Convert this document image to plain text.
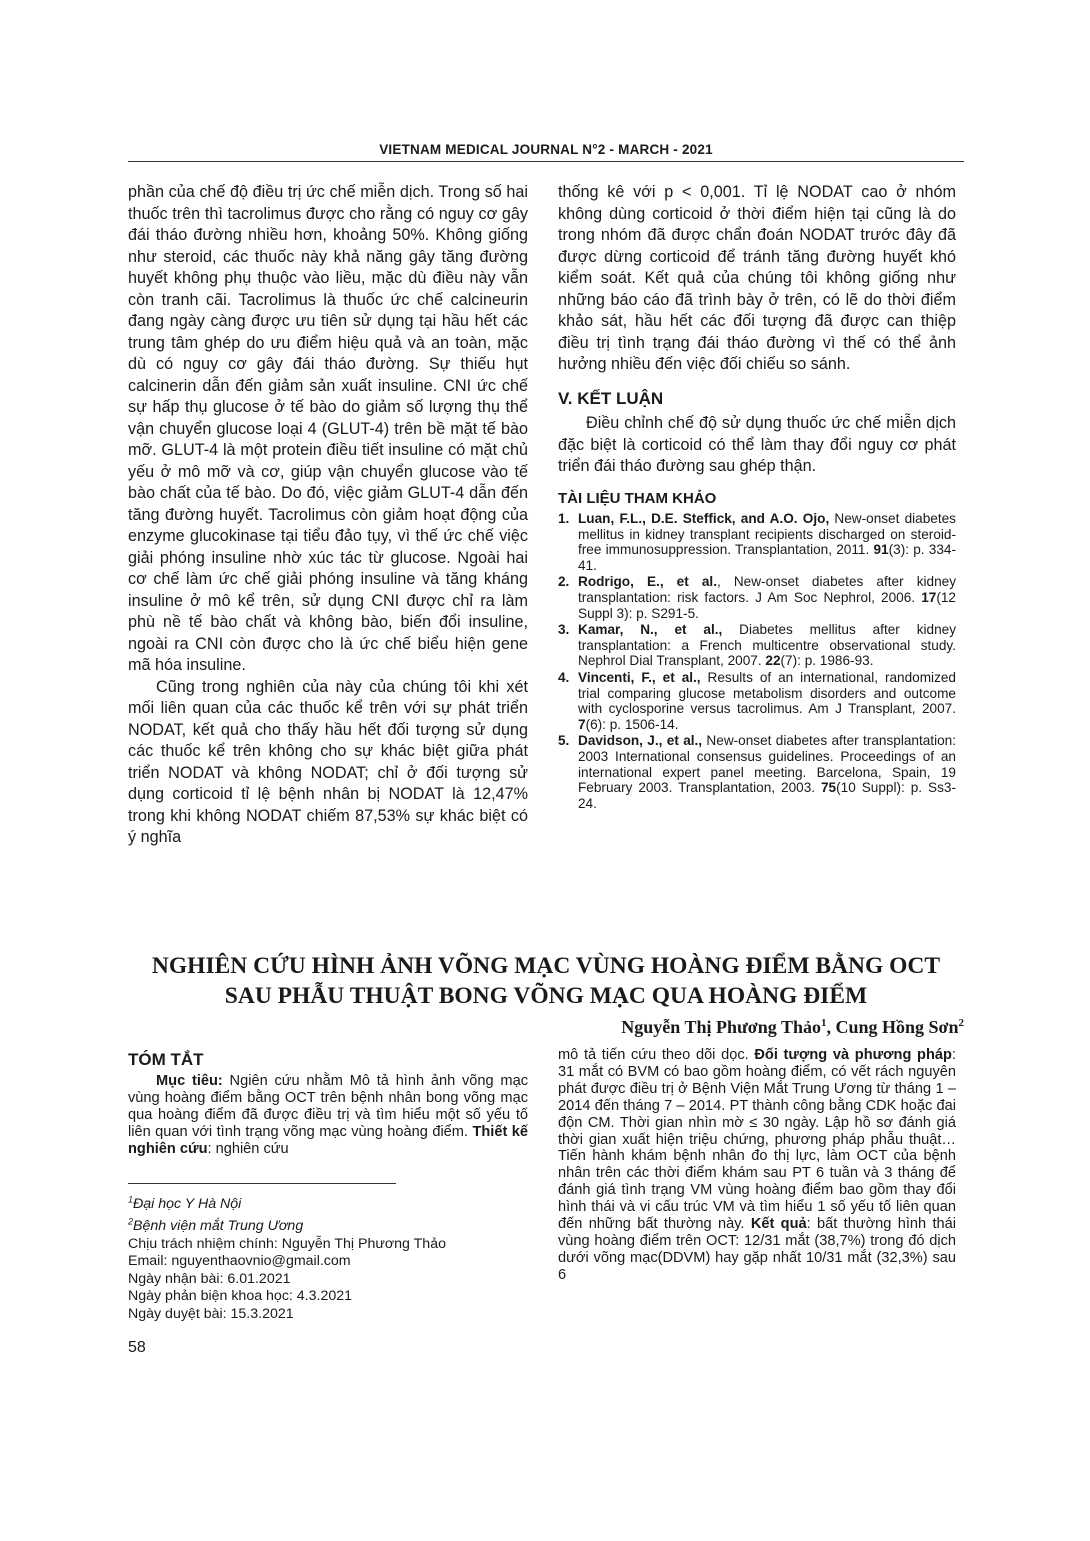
VIETNAM MEDICAL JOURNAL N°2 - MARCH - 2021

phần của chế độ điều trị ức chế miễn dịch. Trong số hai thuốc trên thì tacrolimus được cho rằng có nguy cơ gây đái tháo đường nhiều hơn, khoảng 50%. Không giống như steroid, các thuốc này khả năng gây tăng đường huyết không phụ thuộc vào liều, mặc dù điều này vẫn còn tranh cãi. Tacrolimus là thuốc ức chế calcineurin đang ngày càng được ưu tiên sử dụng tại hầu hết các trung tâm ghép do ưu điểm hiệu quả và an toàn, mặc dù có nguy cơ gây đái tháo đường. Sự thiếu hụt calcinerin dẫn đến giảm sản xuất insuline. CNI ức chế sự hấp thụ glucose ở tế bào do giảm số lượng thụ thể vận chuyển glucose loại 4 (GLUT-4) trên bề mặt tế bào mỡ. GLUT-4 là một protein điều tiết insuline có mặt chủ yếu ở mô mỡ và cơ, giúp vận chuyển glucose vào tế bào chất của tế bào. Do đó, việc giảm GLUT-4 dẫn đến tăng đường huyết. Tacrolimus còn giảm hoạt động của enzyme glucokinase tại tiểu đảo tụy, vì thế ức chế việc giải phóng insuline nhờ xúc tác từ glucose. Ngoài hai cơ chế làm ức chế giải phóng insuline và tăng kháng insuline ở mô kể trên, sử dụng CNI được chỉ ra làm phù nề tế bào chất và không bào, biến đổi insuline, ngoài ra CNI còn được cho là ức chế biểu hiện gene mã hóa insuline.

Cũng trong nghiên của này của chúng tôi khi xét mối liên quan của các thuốc kể trên với sự phát triển NODAT, kết quả cho thấy hầu hết đối tượng sử dụng các thuốc kể trên không cho sự khác biệt giữa phát triển NODAT và không NODAT; chỉ ở đối tượng sử dụng corticoid tỉ lệ bệnh nhân bị NODAT là 12,47% trong khi không NODAT chiếm 87,53% sự khác biệt có ý nghĩa

thống kê với p < 0,001. Tỉ lệ NODAT cao ở nhóm không dùng corticoid ở thời điểm hiện tại cũng là do trong nhóm đã được chẩn đoán NODAT trước đây đã được dừng corticoid để tránh tăng đường huyết khó kiểm soát. Kết quả của chúng tôi không giống như những báo cáo đã trình bày ở trên, có lẽ do thời điểm khảo sát, hầu hết các đối tượng đã được can thiệp điều trị tình trạng đái tháo đường vì thế có thể ảnh hưởng nhiều đến việc đối chiếu so sánh.

V. KẾT LUẬN

Điều chỉnh chế độ sử dụng thuốc ức chế miễn dịch đặc biệt là corticoid có thể làm thay đổi nguy cơ phát triển đái tháo đường sau ghép thận.

TÀI LIỆU THAM KHẢO
1. Luan, F.L., D.E. Steffick, and A.O. Ojo, New-onset diabetes mellitus in kidney transplant recipients discharged on steroid-free immunosuppression. Transplantation, 2011. 91(3): p. 334-41.
2. Rodrigo, E., et al., New-onset diabetes after kidney transplantation: risk factors. J Am Soc Nephrol, 2006. 17(12 Suppl 3): p. S291-5.
3. Kamar, N., et al., Diabetes mellitus after kidney transplantation: a French multicentre observational study. Nephrol Dial Transplant, 2007. 22(7): p. 1986-93.
4. Vincenti, F., et al., Results of an international, randomized trial comparing glucose metabolism disorders and outcome with cyclosporine versus tacrolimus. Am J Transplant, 2007. 7(6): p. 1506-14.
5. Davidson, J., et al., New-onset diabetes after transplantation: 2003 International consensus guidelines. Proceedings of an international expert panel meeting. Barcelona, Spain, 19 February 2003. Transplantation, 2003. 75(10 Suppl): p. Ss3-24.
NGHIÊN CỨU HÌNH ẢNH VÕNG MẠC VÙNG HOÀNG ĐIỂM BẰNG OCT
SAU PHẪU THUẬT BONG VÕNG MẠC QUA HOÀNG ĐIỂM
Nguyễn Thị Phương Thảo$^1$, Cung Hồng Sơn$^2$
TÓM TẮT

Mục tiêu: Ngiên cứu nhằm Mô tả hình ảnh võng mạc vùng hoàng điểm bằng OCT trên bệnh nhân bong võng mạc qua hoàng điểm đã được điều trị và tìm hiểu một số yếu tố liên quan với tình trạng võng mạc vùng hoàng điểm. Thiết kế nghiên cứu: nghiên cứu

mô tả tiến cứu theo dõi dọc. Đối tượng và phương pháp: 31 mắt có BVM có bao gồm hoàng điểm, có vết rách nguyên phát được điều trị ở Bệnh Viện Mắt Trung Ương từ tháng 1 – 2014 đến tháng 7 – 2014. PT thành công bằng CDK hoặc đai độn CM. Thời gian nhìn mờ ≤ 30 ngày. Lập hồ sơ đánh giá thời gian xuất hiện triệu chứng, phương pháp phẫu thuật… Tiến hành khám bệnh nhân đo thị lực, làm OCT của bệnh nhân trên các thời điểm khám sau PT 6 tuần và 3 tháng để đánh giá tình trạng VM vùng hoàng điểm bao gồm thay đổi hình thái và vi cấu trúc VM và tìm hiểu 1 số yếu tố liên quan đến những bất thường này. Kết quả: bất thường hình thái vùng hoàng điểm trên OCT: 12/31 mắt (38,7%) trong đó dịch dưới võng mạc(DDVM) hay gặp nhất 10/31 mắt (32,3%) sau 6

$^1$Đại học Y Hà Nội
$^2$Bệnh viện mắt Trung Ương
Chịu trách nhiệm chính: Nguyễn Thị Phương Thảo
Email: nguyenthaovnio@gmail.com
Ngày nhận bài: 6.01.2021
Ngày phản biện khoa học: 4.3.2021
Ngày duyệt bài: 15.3.2021
58
